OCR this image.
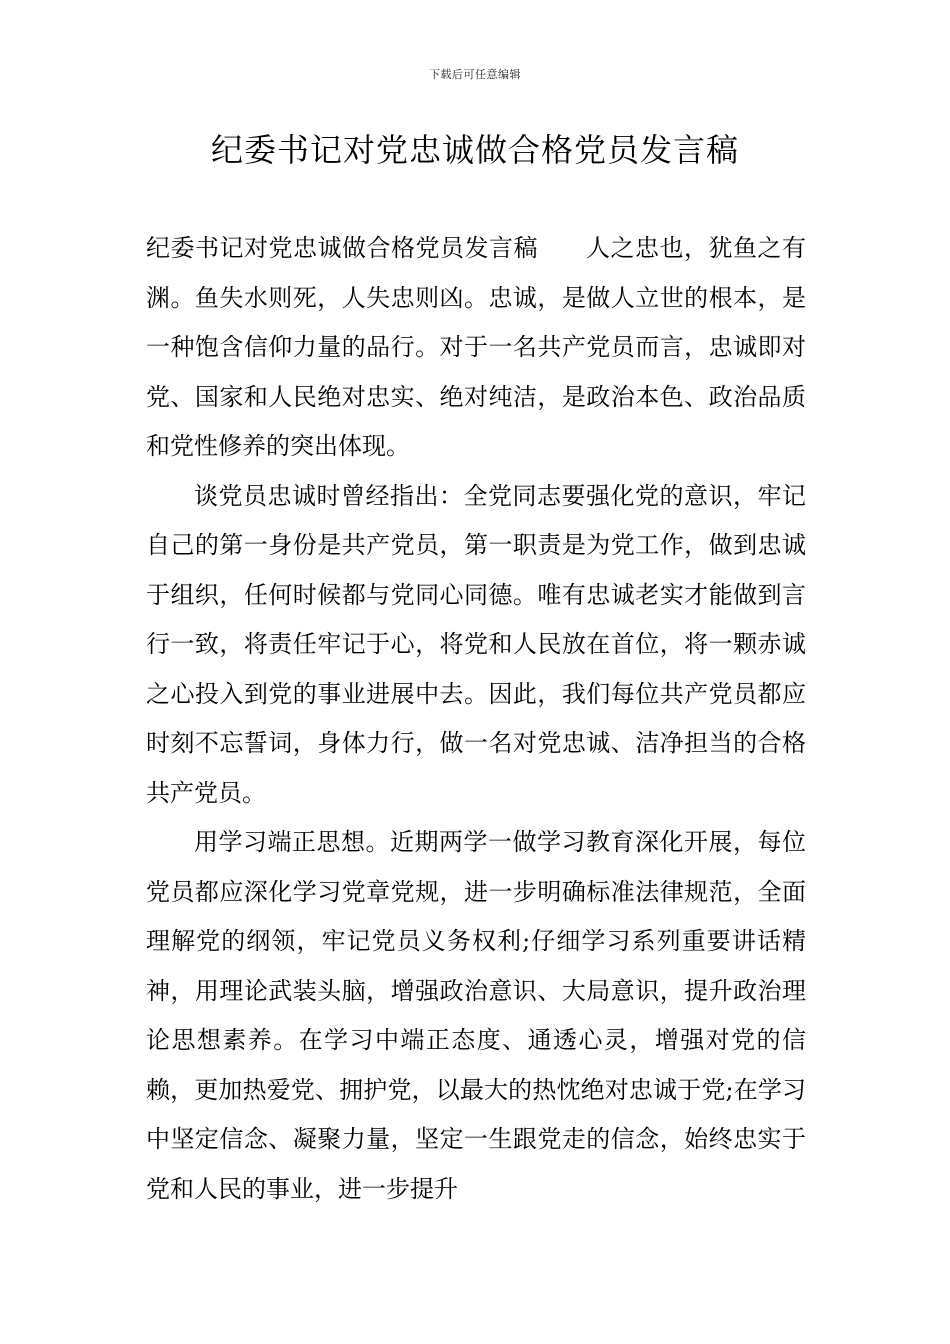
下载后可任意编辑
纪委书记对党忠诚做合格党员发言稿

纪委书记对党忠诚做合格党员发言稿 人之忠也，犹鱼之有渊。鱼失水则死，人失忠则凶。忠诚，是做人立世的根本，是一种饱含信仰力量的品行。对于一名共产党员而言，忠诚即对党、国家和人民绝对忠实、绝对纯洁，是政治本色、政治品质和党性修养的突出体现。

谈党员忠诚时曾经指出：全党同志要强化党的意识，牢记自己的第一身份是共产党员，第一职责是为党工作，做到忠诚于组织，任何时候都与党同心同德。唯有忠诚老实才能做到言行一致，将责任牢记于心，将党和人民放在首位，将一颗赤诚之心投入到党的事业进展中去。因此，我们每位共产党员都应时刻不忘誓词，身体力行，做一名对党忠诚、洁净担当的合格共产党员。

用学习端正思想。近期两学一做学习教育深化开展，每位党员都应深化学习党章党规，进一步明确标准法律规范，全面理解党的纲领，牢记党员义务权利;仔细学习系列重要讲话精神，用理论武装头脑，增强政治意识、大局意识，提升政治理论思想素养。在学习中端正态度、通透心灵，增强对党的信赖，更加热爱党、拥护党，以最大的热忱绝对忠诚于党;在学习中坚定信念、凝聚力量，坚定一生跟党走的信念，始终忠实于党和人民的事业，进一步提升
